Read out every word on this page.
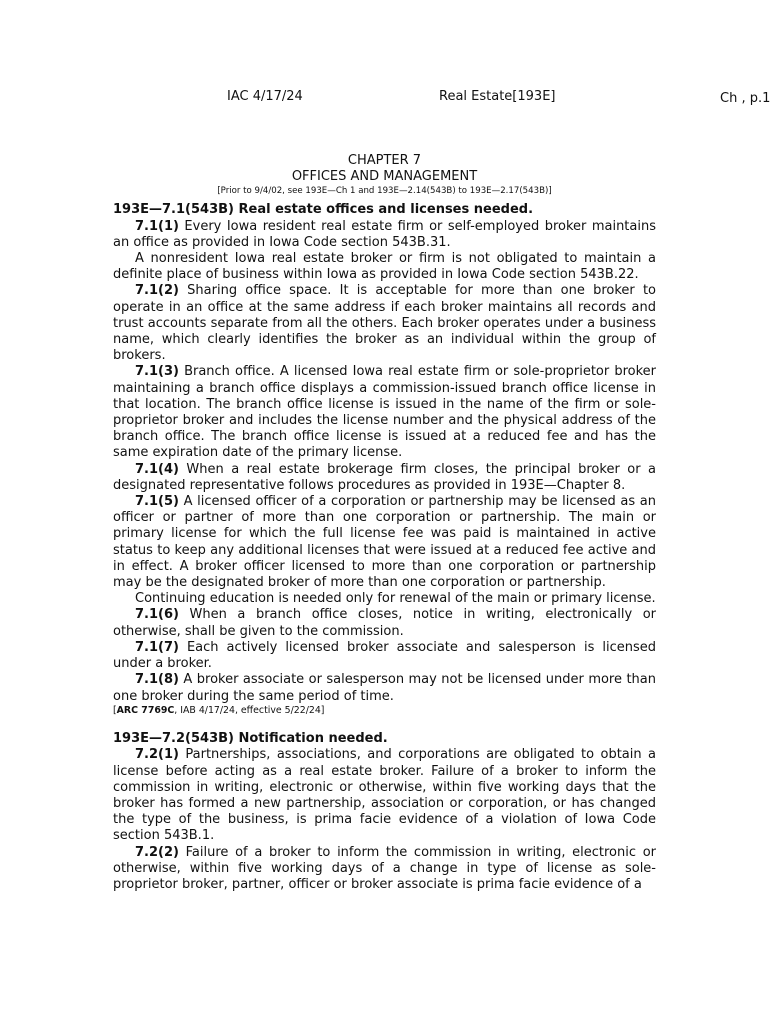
IAC 4/17/24	Real Estate[193E]	Ch , p.1
CHAPTER 7
OFFICES AND MANAGEMENT
[Prior to 9/4/02, see 193E—Ch 1 and 193E—2.14(543B) to 193E—2.17(543B)]
193E—7.1(543B) Real estate offices and licenses needed.

7.1(1) Every Iowa resident real estate firm or self-employed broker maintains an office as provided in Iowa Code section 543B.31.

A nonresident Iowa real estate broker or firm is not obligated to maintain a definite place of business within Iowa as provided in Iowa Code section 543B.22.

7.1(2) Sharing office space. It is acceptable for more than one broker to operate in an office at the same address if each broker maintains all records and trust accounts separate from all the others. Each broker operates under a business name, which clearly identifies the broker as an individual within the group of brokers.

7.1(3) Branch office. A licensed Iowa real estate firm or sole-proprietor broker maintaining a branch office displays a commission-issued branch office license in that location. The branch office license is issued in the name of the firm or sole-proprietor broker and includes the license number and the physical address of the branch office. The branch office license is issued at a reduced fee and has the same expiration date of the primary license.

7.1(4) When a real estate brokerage firm closes, the principal broker or a designated representative follows procedures as provided in 193E—Chapter 8.

7.1(5) A licensed officer of a corporation or partnership may be licensed as an officer or partner of more than one corporation or partnership. The main or primary license for which the full license fee was paid is maintained in active status to keep any additional licenses that were issued at a reduced fee active and in effect. A broker officer licensed to more than one corporation or partnership may be the designated broker of more than one corporation or partnership.

Continuing education is needed only for renewal of the main or primary license.

7.1(6) When a branch office closes, notice in writing, electronically or otherwise, shall be given to the commission.

7.1(7) Each actively licensed broker associate and salesperson is licensed under a broker.

7.1(8) A broker associate or salesperson may not be licensed under more than one broker during the same period of time.

[ARC 7769C, IAB 4/17/24, effective 5/22/24]

193E—7.2(543B) Notification needed.

7.2(1) Partnerships, associations, and corporations are obligated to obtain a license before acting as a real estate broker. Failure of a broker to inform the commission in writing, electronic or otherwise, within five working days that the broker has formed a new partnership, association or corporation, or has changed the type of the business, is prima facie evidence of a violation of Iowa Code section 543B.1.

7.2(2) Failure of a broker to inform the commission in writing, electronic or otherwise, within five working days of a change in type of license as sole-proprietor broker, partner, officer or broker associate is prima facie evidence of a
